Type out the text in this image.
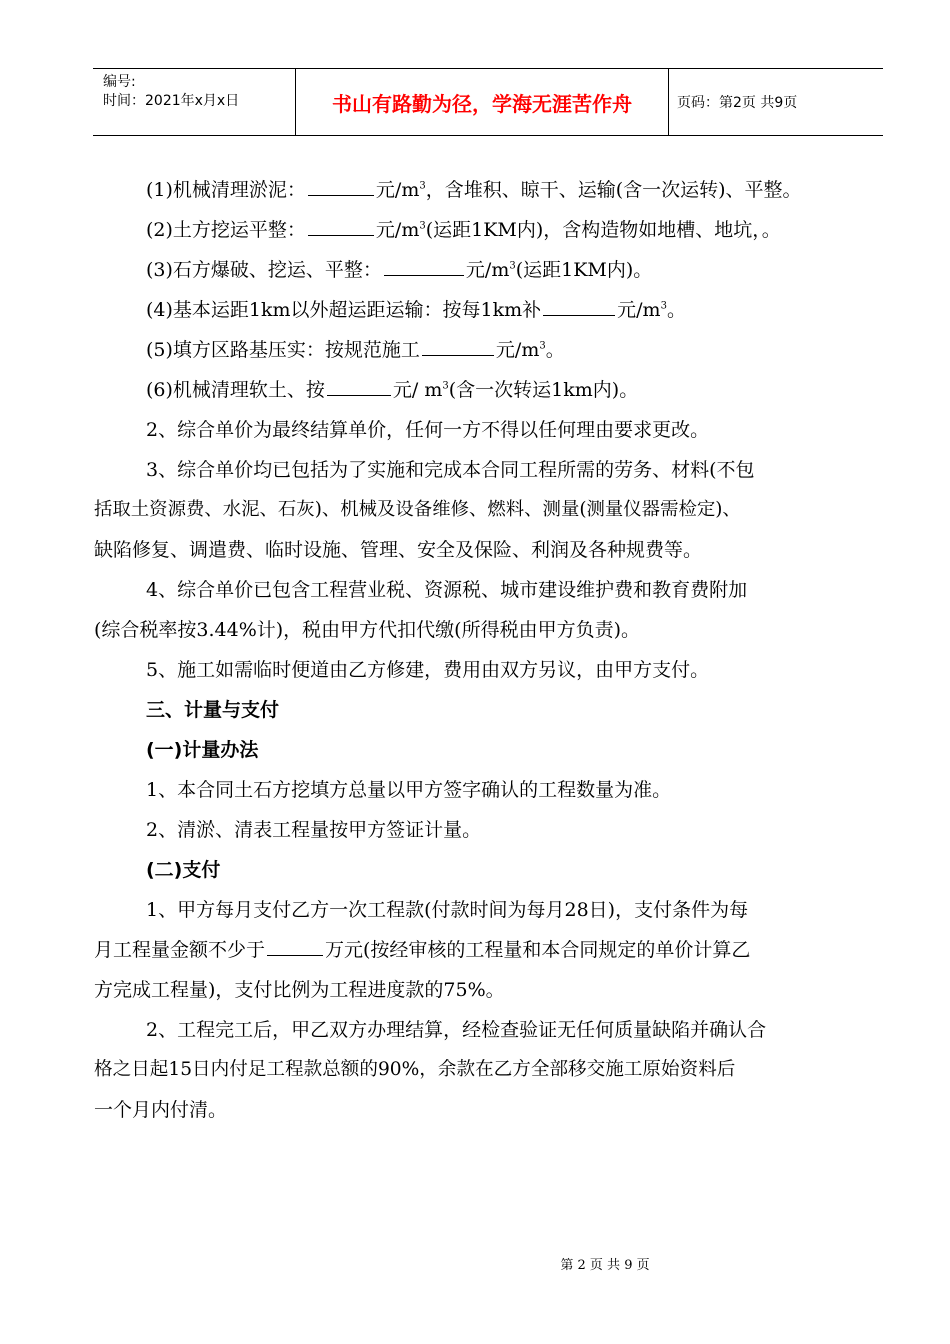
编号:
时间：2021年x月x日	书山有路勤为径，学海无涯苦作舟	页码：第2页 共9页
(1)机械清理淤泥：	元$/m^3$，含堆积、晾干、运输(含一次运转)、平整。
(2)土方挖运平整：	元$/m^3$(运距1KM内)，含构造物如地槽、地坑，。
(3)石方爆破、挖运、平整：	元$/m^3$(运距1KM内)。
(4)基本运距1km以外超运距运输：按每1km补	元$/m^3$。
(5)填方区路基压实：按规范施工	元$/m^3$。
(6)机械清理软土、按	元/ $m^3$(含一次转运1km内)。
2、综合单价为最终结算单价，任何一方不得以任何理由要求更改。
3、综合单价均已包括为了实施和完成本合同工程所需的劳务、材料(不包
括取土资源费、水泥、石灰)、机械及设备维修、燃料、测量(测量仪器需检定)、
缺陷修复、调遣费、临时设施、管理、安全及保险、利润及各种规费等。
4、综合单价已包含工程营业税、资源税、城市建设维护费和教育费附加
(综合税率按3.44%计)，税由甲方代扣代缴(所得税由甲方负责)。
5、施工如需临时便道由乙方修建，费用由双方另议，由甲方支付。
三、计量与支付
(一)计量办法
1、本合同土石方挖填方总量以甲方签字确认的工程数量为准。
2、清淤、清表工程量按甲方签证计量。
(二)支付
1、甲方每月支付乙方一次工程款(付款时间为每月28日)，支付条件为每
月工程量金额不少于	万元(按经审核的工程量和本合同规定的单价计算乙
方完成工程量)，支付比例为工程进度款的75%。
2、工程完工后，甲乙双方办理结算，经检查验证无任何质量缺陷并确认合
格之日起15日内付足工程款总额的90%，余款在乙方全部移交施工原始资料后
一个月内付清。
第 2 页 共 9 页
